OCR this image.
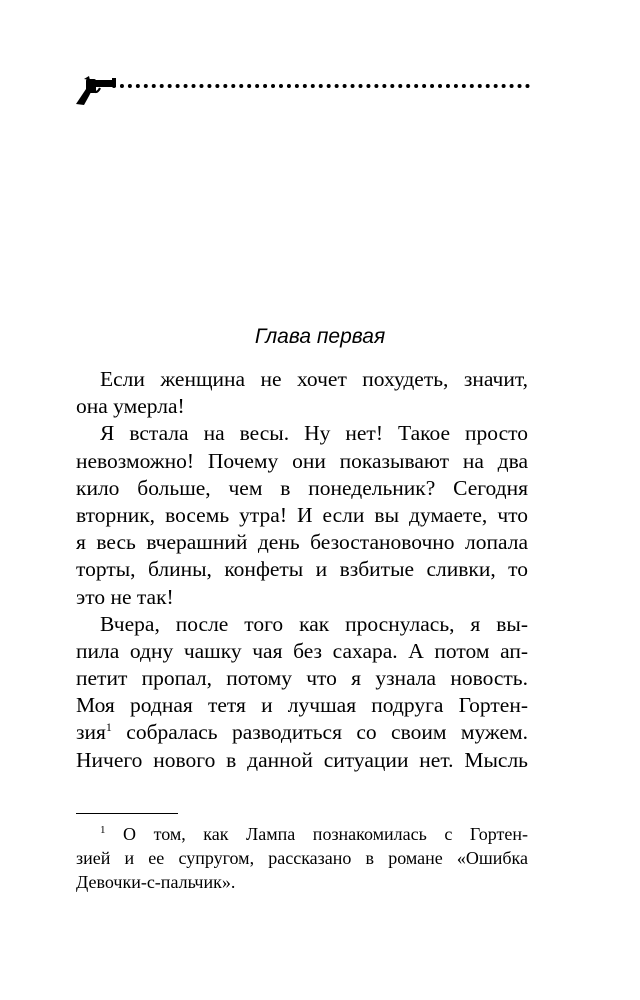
Глава первая
Если женщина не хочет похудеть, значит,
она умерла!
Я встала на весы. Ну нет! Такое просто
невозможно! Почему они показывают на два
кило больше, чем в понедельник? Сегодня
вторник, восемь утра! И если вы думаете, что
я весь вчерашний день безостановочно лопала
торты, блины, конфеты и взбитые сливки, то
это не так!
Вчера, после того как проснулась, я вы-
пила одну чашку чая без сахара. А потом ап-
петит пропал, потому что я узнала новость.
Моя родная тетя и лучшая подруга Гортен-
зия$^1$ собралась разводиться со своим мужем.
Ничего нового в данной ситуации нет. Мысль
$^1$ О том, как Лампа познакомилась с Гортен-
зией и ее супругом, рассказано в романе «Ошибка
Девочки-с-пальчик».
